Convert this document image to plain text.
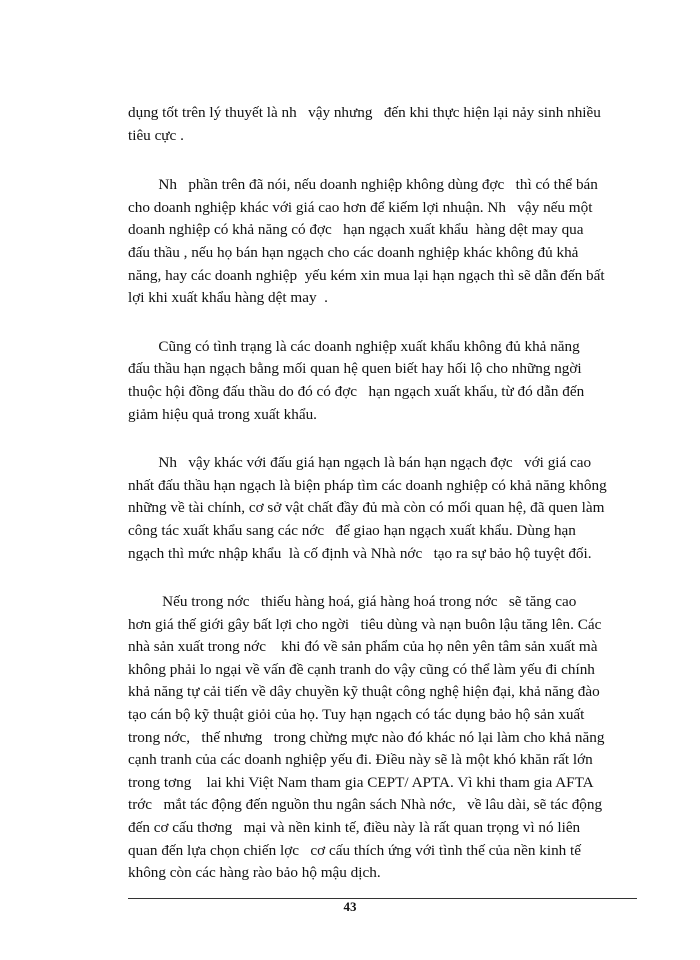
dụng tốt trên lý thuyết là nh   vậy nhưng   đến khi thực hiện lại nảy sinh nhiều
tiêu cực .

Nh   phần trên đã nói, nếu doanh nghiệp không dùng đợc   thì có thể bán
cho doanh nghiệp khác với giá cao hơn để kiếm lợi nhuận. Nh   vậy nếu một
doanh nghiệp có khả năng có đợc   hạn ngạch xuất khẩu  hàng dệt may qua
đấu thầu , nếu họ bán hạn ngạch cho các doanh nghiệp khác không đủ khả
năng, hay các doanh nghiệp  yếu kém xin mua lại hạn ngạch thì sẽ dẫn đến bất
lợi khi xuất khẩu hàng dệt may  .

Cũng có tình trạng là các doanh nghiệp xuất khẩu không đủ khả năng
đấu thầu hạn ngạch bằng mối quan hệ quen biết hay hối lộ cho những ngời
thuộc hội đồng đấu thầu do đó có đợc   hạn ngạch xuất khẩu, từ đó dẫn đến
giảm hiệu quả trong xuất khẩu.

Nh   vậy khác với đấu giá hạn ngạch là bán hạn ngạch đợc   với giá cao
nhất đấu thầu hạn ngạch là biện pháp tìm các doanh nghiệp có khả năng không
những về tài chính, cơ sở vật chất đầy đủ mà còn có mối quan hệ, đã quen làm
công tác xuất khẩu sang các nớc   để giao hạn ngạch xuất khẩu. Dùng hạn
ngạch thì mức nhập khẩu  là cố định và Nhà nớc   tạo ra sự bảo hộ tuyệt đối.

Nếu trong nớc   thiếu hàng hoá, giá hàng hoá trong nớc   sẽ tăng cao
hơn giá thế giới gây bất lợi cho ngời   tiêu dùng và nạn buôn lậu tăng lên. Các
nhà sản xuất trong nớc    khi đó về sản phẩm của họ nên yên tâm sản xuất mà
không phải lo ngại về vấn đề cạnh tranh do vậy cũng có thể làm yếu đi chính
khả năng tự cải tiến về dây chuyền kỹ thuật công nghệ hiện đại, khả năng đào
tạo cán bộ kỹ thuật giỏi của họ. Tuy hạn ngạch có tác dụng bảo hộ sản xuất
trong nớc,   thế nhưng   trong chừng mực nào đó khác nó lại làm cho khả năng
cạnh tranh của các doanh nghiệp yếu đi. Điều này sẽ là một khó khăn rất lớn
trong tơng    lai khi Việt Nam tham gia CEPT/ APTA. Vì khi tham gia AFTA
trớc   mắt tác động đến nguồn thu ngân sách Nhà nớc,   về lâu dài, sẽ tác động
đến cơ cấu thơng   mại và nền kinh tế, điều này là rất quan trọng vì nó liên
quan đến lựa chọn chiến lợc   cơ cấu thích ứng với tình thế của nền kinh tế
không còn các hàng rào bảo hộ mậu dịch.

43
